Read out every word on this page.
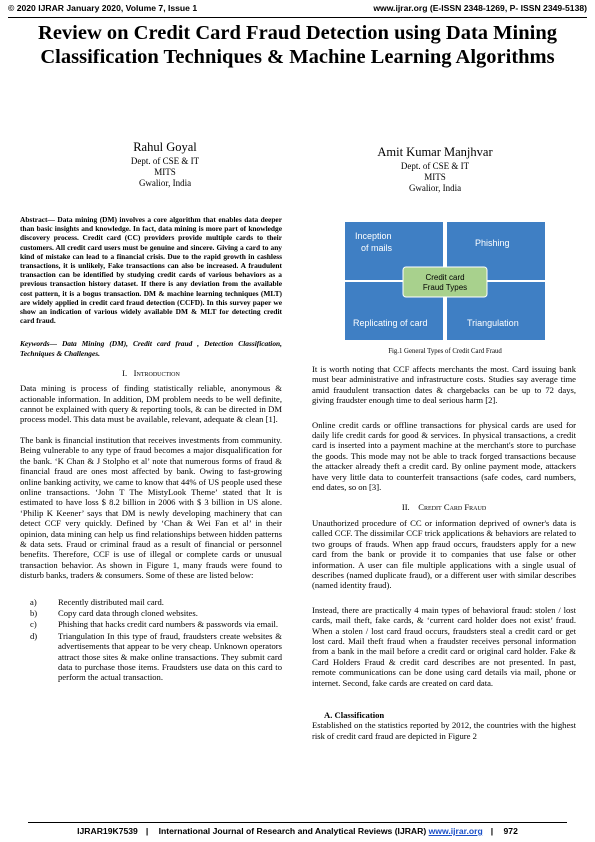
© 2020 IJRAR January 2020, Volume 7, Issue 1	www.ijrar.org (E-ISSN 2348-1269, P- ISSN 2349-5138)
Review on Credit Card Fraud Detection using Data Mining Classification Techniques & Machine Learning Algorithms
Rahul Goyal
Dept. of CSE & IT
MITS
Gwalior, India
Amit Kumar Manjhvar
Dept. of CSE & IT
MITS
Gwalior, India

Abstract— Data mining (DM) involves a core algorithm that enables data deeper than basic insights and knowledge. In fact, data mining is more part of knowledge discovery process. Credit card (CC) providers provide multiple cards to their customers. All credit card users must be genuine and sincere. Giving a card to any kind of mistake can lead to a financial crisis. Due to the rapid growth in cashless transactions, it is unlikely, Fake transactions can also be increased. A fraudulent transaction can be identified by studying credit cards of various behaviors as a previous transaction history dataset. If there is any deviation from the available cost pattern, it is a bogus transaction. DM & machine learning techniques (MLT) are widely applied in credit card fraud detection (CCFD). In this survey paper we show an indication of various widely available DM & MLT for detecting credit card fraud.

Keywords— Data Mining (DM), Credit card fraud , Detection Classification, Techniques & Challenges.

I. Introduction

Data mining is process of finding statistically reliable, anonymous & actionable information. In addition, DM problem needs to be well definite, cannot be explained with query & reporting tools, & can be directed in DM process model. This data must be available, relevant, adequate & clean [1].

The bank is financial institution that receives investments from community. Being vulnerable to any type of fraud becomes a major disqualification for the bank. ‘K Chan & J Stolpho et al’ note that numerous forms of fraud & financial fraud are ones most affected by bank. Owing to fast-growing online banking activity, we came to know that 44% of US people used these online transactions. ‘John T The MistyLook Theme’ stated that It is estimated to have loss $ 8.2 billion in 2006 with $ 3 billion in US alone. ‘Philip K Keener’ says that DM is newly developing machinery that can detect CCF very quickly. Defined by ‘Chan & Wei Fan et al’ in their opinion, data mining can help us find relationships between hidden patterns & data sets. Fraud or criminal fraud as a result of financial or personnel benefits. Therefore, CCF is use of illegal or complete cards or unusual transaction behavior. As shown in Figure 1, many frauds were found to disturb banks, traders & consumers. Some of these are listed below:

a) Recently distributed mail card.
b) Copy card data through cloned websites.
c) Phishing that hacks credit card numbers & passwords via email.
d) Triangulation In this type of fraud, fraudsters create websites & advertisements that appear to be very cheap. Unknown operators attract those sites & make online transactions. They submit card data to purchase those items. Fraudsters use data on this card to perform the actual transaction.
Inception of mails	Phishing
Replicating of card	Triangulation
Credit card Fraud Types
Fig.1 General Types of Credit Card Fraud

It is worth noting that CCF affects merchants the most. Card issuing bank must bear administrative and infrastructure costs. Studies say average time amid fraudulent transaction dates & chargebacks can be up to 72 days, giving fraudster enough time to deal serious harm [2].

Online credit cards or offline transactions for physical cards are used for daily life credit cards for good & services. In physical transactions, a credit card is inserted into a payment machine at the merchant's store to purchase the goods. This mode may not be able to track forged transactions because the attacker already theft a credit card. By online payment mode, attackers have very little data to counterfeit transactions (safe codes, card numbers, end dates, so on [3].

II. Credit Card Fraud

Unauthorized procedure of CC or information deprived of owner's data is called CCF. The dissimilar CCF trick applications & behaviors are related to two groups of frauds. When app fraud occurs, fraudsters apply for a new card from the bank or provide it to companies that use false or other information. A user can file multiple applications with a single usual of describes (named duplicate fraud), or a different user with similar describes (named identity fraud).

Instead, there are practically 4 main types of behavioral fraud: stolen / lost cards, mail theft, fake cards, & ‘current card holder does not exist’ fraud. When a stolen / lost card fraud occurs, fraudsters steal a credit card or get lost card. Mail theft fraud when a fraudster receives personal information from a bank in the mail before a credit card or original card holder. Fake & Card Holders Fraud & credit card describes are not presented. In past, remote communications can be done using card details via mail, phone or internet. Second, fake cards are created on card data.

A. Classification

Established on the statistics reported by 2012, the countries with the highest risk of credit card fraud are depicted in Figure 2

IJRAR19K7539 | International Journal of Research and Analytical Reviews (IJRAR) www.ijrar.org | 972
